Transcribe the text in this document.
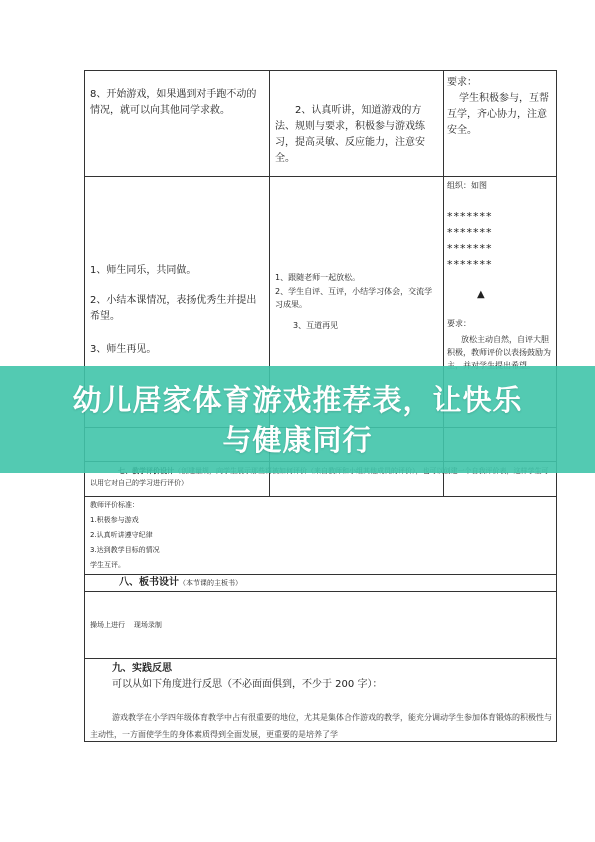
8、开始游戏，如果遇到对手跑不动的情况，就可以向其他同学求救。	2、认真听讲，知道游戏的方法、规则与要求，积极参与游戏练习，提高灵敏、反应能力，注意安全。
要求：
学生积极参与，互帮互学，齐心协力，注意安全。
1、师生同乐，共同做。
2、小结本课情况，表扬优秀生并提出希望。
3、师生再见。
1、跟随老师一起放松。
2、学生自评、互评，小结学习体会，交流学习成果。
3、互道再见
组织：如图
*******
*******
*******
*******
▲
要求：
放松主动自然，自评大胆积极，教师评价以表扬鼓励为
以用它对自己的学习进行评价）
教师评价标准：
1.积极参与游戏
2.认真听讲遵守纪律
3.达到教学目标的情况
学生互评。
八、板书设计（本节课的主板书）
操场上进行    现场录制
九、实践反思
可以从如下角度进行反思（不必面面俱到，不少于 200 字）：
游戏教学在小学四年级体育教学中占有很重要的地位，尤其是集体合作游戏的教学，能充分调动学生参加体育锻炼的积极性与主动性，一方面使学生的身体素质得到全面发展，更重要的是培养了学
幼儿居家体育游戏推荐表，让快乐与健康同行
